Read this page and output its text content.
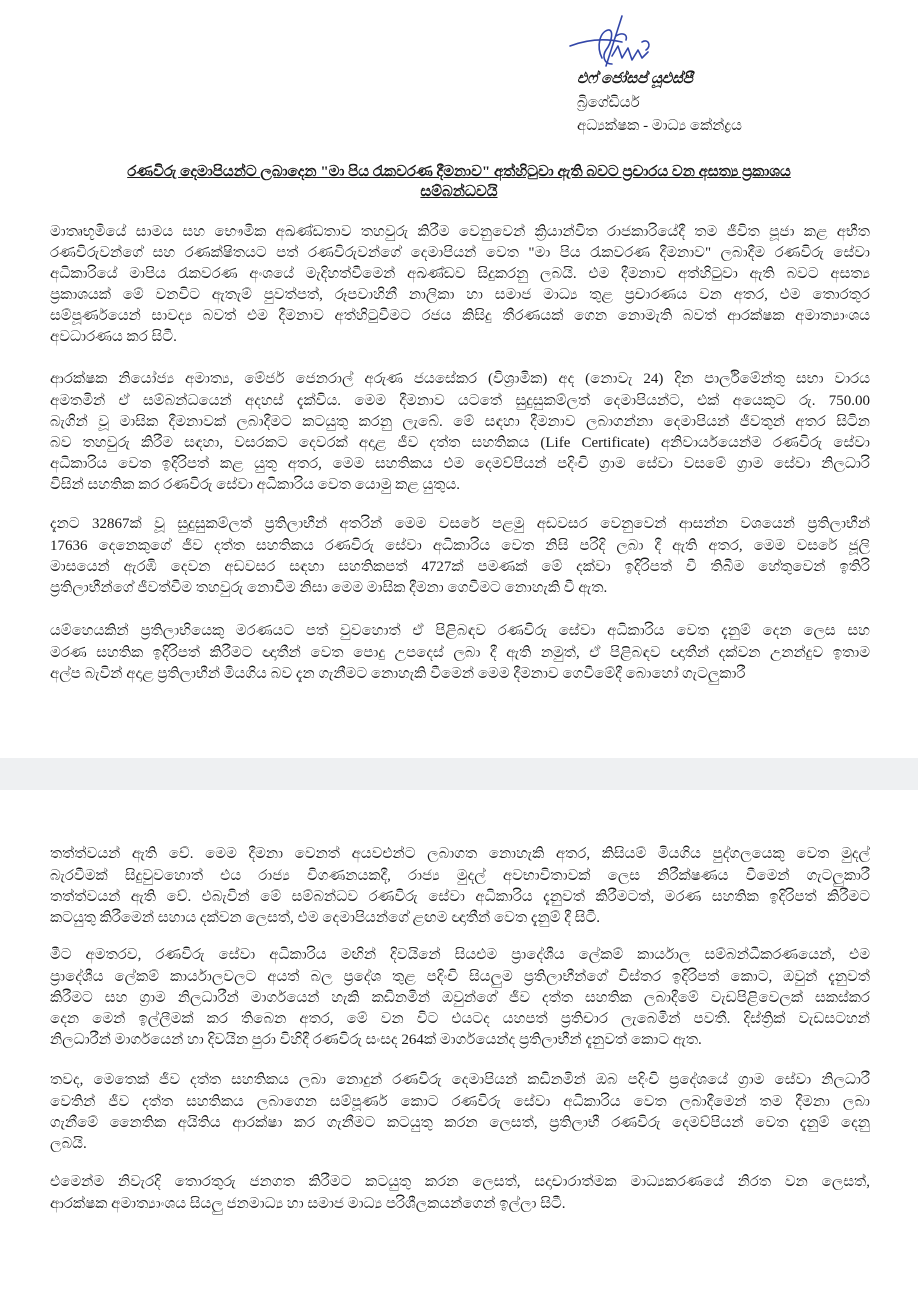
එෆ් ජෝසප් යූඑස්පී
බ්‍රිගේඩියර්
අධ්‍යක්ෂක - මාධ්‍ය කේන්ද්‍රය
රණවිරු දෙමාපියන්ට ලබාදෙන "මා පිය රැකවරණ දීමනාව" අත්හිටුවා ඇති බවට ප්‍රචාරය වන අසත්‍ය ප්‍රකාශය
සම්බන්ධවයි
මාතෘභූමියේ සාමය සහ භෞමික අඛණ්ඩතාව තහවුරු කිරීම වෙනුවෙන් ක්‍රියාන්විත රාජකාරියේදී තම ජීවිත පූජා කළ අභීත
රණවිරුවන්ගේ සහ රණක්ෂිතයට පත් රණවිරුවන්ගේ දෙමාපියන් වෙත "මා පිය රැකවරණ දීමනාව" ලබාදීම රණවිරු සේවා
අධිකාරියේ මාපිය රැකවරණ අංශයේ මැදිහත්වීමෙන් අඛණ්ඩව සිදුකරනු ලබයි. එම දීමනාව අත්හිටුවා ඇති බවට අසත්‍ය
ප්‍රකාශයක් මේ වනවිට ඇතැම් පුවත්පත්, රූපවාහිනී නාලිකා හා සමාජ මාධ්‍ය තුළ ප්‍රචාරණය වන අතර, එම තොරතුර
සම්පූර්ණයෙන් සාවද්‍ය බවත් එම දීමනාව අත්හිටුවීමට රජය කිසිදු තීරණයක් ගෙන නොමැති බවත් ආරක්ෂක අමාත්‍යාංශය
අවධාරණය කර සිටී.
ආරක්ෂක නියෝජ්‍ය අමාත්‍ය, මේජර් ජෙනරාල් අරුණ ජයසේකර (විශ්‍රාමික) අද (නොවැ 24) දින පාර්ලිමේන්තු සභා වාරය
අමතමින් ඒ සම්බන්ධයෙන් අදහස් දැක්විය. මෙම දීමනාව යටතේ සුදුසුකම්ලත් දෙමාපියන්ට, එක් අයෙකුට රු. 750.00
බැගින් වූ මාසික දීමනාවක් ලබාදීමට කටයුතු කරනු ලැබේ. මේ සඳහා දීමනාව ලබාගන්නා දෙමාපියන් ජීවතුන් අතර සිටින
බව තහවුරු කිරීම සඳහා, වසරකට දෙවරක් අදාළ ජීව දත්ත සහතිකය (Life Certificate) අනිවාර්යයෙන්ම රණවිරු සේවා
අධිකාරිය වෙත ඉදිරිපත් කළ යුතු අතර, මෙම සහතිකය එම දෙමව්පියන් පදිංචි ග්‍රාම සේවා වසමේ ග්‍රාම සේවා නිලධාරි
විසින් සහතික කර රණවිරු සේවා අධිකාරිය වෙත යොමු කළ යුතුය.
දැනට 32867ක් වූ සුදුසුකම්ලත් ප්‍රතිලාභීන් අතරින් මෙම වසරේ පළමු අඩවසර වෙනුවෙන් ආසන්න වශයෙන් ප්‍රතිලාභීන්
17636 දෙනෙකුගේ ජීව දත්ත සහතිකය රණවිරු සේවා අධිකාරිය වෙත නිසි පරිදි ලබා දී ඇති අතර, මෙම වසරේ ජූලි
මාසයෙන් ඇරඹි දෙවන අඩවසර සඳහා සහතිකපත් 4727ක් පමණක් මේ දක්වා ඉදිරිපත් වී තිබීම හේතුවෙන් ඉතිරි
ප්‍රතිලාභීන්ගේ ජීවත්වීම තහවුරු නොවීම නිසා මෙම මාසික දීමනා ගෙවීමට නොහැකි වී ඇත.
යම්හෙයකින් ප්‍රතිලාභියෙකු මරණයට පත් වුවහොත් ඒ පිළිබඳව රණවිරු සේවා අධිකාරිය වෙත දැනුම් දෙන ලෙස සහ
මරණ සහතික ඉදිරිපත් කිරීමට ඥාතීන් වෙත පොදු උපදෙස් ලබා දී ඇති නමුත්, ඒ පිළිබඳව ඥාතීන් දක්වන උනන්දුව ඉතාම
අල්ප බැවින් අදාළ ප්‍රතිලාභීන් මියගිය බව දැන ගැනීමට නොහැකි වීමෙන් මෙම දීමනාව ගෙවීමේදී බොහෝ ගැටලුකාරී
තත්ත්වයන් ඇති වේ. මෙම දීමනා වෙනත් අයවළුන්ට ලබාගත නොහැකි අතර, කිසියම් මියගිය පුද්ගලයෙකු වෙත මුදල්
බැරවීමක් සිදුවුවහොත් එය රාජ්‍ය විගණනයකදී, රාජ්‍ය මුදල් අවභාවිතාවක් ලෙස නිරීක්ෂණය වීමෙන් ගැටලුකාරී
තත්ත්වයන් ඇති වේ. එබැවින් මේ සම්බන්ධව රණවිරු සේවා අධිකාරිය දැනුවත් කිරීමටත්, මරණ සහතික ඉදිරිපත් කිරීමට
කටයුතු කිරීමෙන් සහාය දක්වන ලෙසත්, එම දෙමාපියන්ගේ ළඟම ඥාතීන් වෙත දැනුම් දී සිටී.
මීට අමතරව, රණවිරු සේවා අධිකාරිය මඟින් දිවයිනේ සියළුම ප්‍රාදේශීය ලේකම් කාර්යාල සම්බන්ධීකරණයෙන්, එම
ප්‍රාදේශීය ලේකම් කාර්යාලවලට අයත් බල ප්‍රදේශ තුළ පදිංචි සියලුම ප්‍රතිලාභීන්ගේ විස්තර ඉදිරිපත් කොට, ඔවුන් දැනුවත්
කිරීමට සහ ග්‍රාම නිලධාරීන් මාර්ගයෙන් හැකි කඩිනමින් ඔවුන්ගේ ජීව දත්ත සහතික ලබාදීමේ වැඩපිළිවෙලක් සකස්කර
දෙන මෙන් ඉල්ලීමක් කර තිබෙන අතර, මේ වන විට එයටද යහපත් ප්‍රතිචාර ලැබෙමින් පවතී. දිස්ත්‍රික් වැඩසටහන්
නිලධාරීන් මාර්ගයෙන් හා දිවයින පුරා විහිදී රණවිරු සංසද 264ක් මාර්ගයෙන්ද ප්‍රතිලාභීන් දැනුවත් කොට ඇත.
තවද, මෙතෙක් ජීව දත්ත සහතිකය ලබා නොදුන් රණවිරු දෙමාපියන් කඩිනමින් ඔබ පදිංචි ප්‍රදේශයේ ග්‍රාම සේවා නිලධාරී
වෙතින් ජීව දත්ත සහතිකය ලබාගෙන සම්පූර්ණ කොට රණවිරු සේවා අධිකාරිය වෙත ලබාදීමෙන් තම දීමනා ලබා
ගැනීමේ නෛතික අයිතිය ආරක්ෂා කර ගැනීමට කටයුතු කරන ලෙසත්, ප්‍රතිලාභී රණවිරු දෙමව්පියන් වෙත දැනුම් දෙනු
ලබයි.
එමෙන්ම නිවැරදි තොරතුරු ජනගත කිරීමට කටයුතු කරන ලෙසත්, සදාචාරාත්මක මාධ්‍යකරණයේ නිරත වන ලෙසත්,
ආරක්ෂක අමාත්‍යාංශය සියලු ජනමාධ්‍ය හා සමාජ මාධ්‍ය පරිශීලකයන්ගෙන් ඉල්ලා සිටී.
